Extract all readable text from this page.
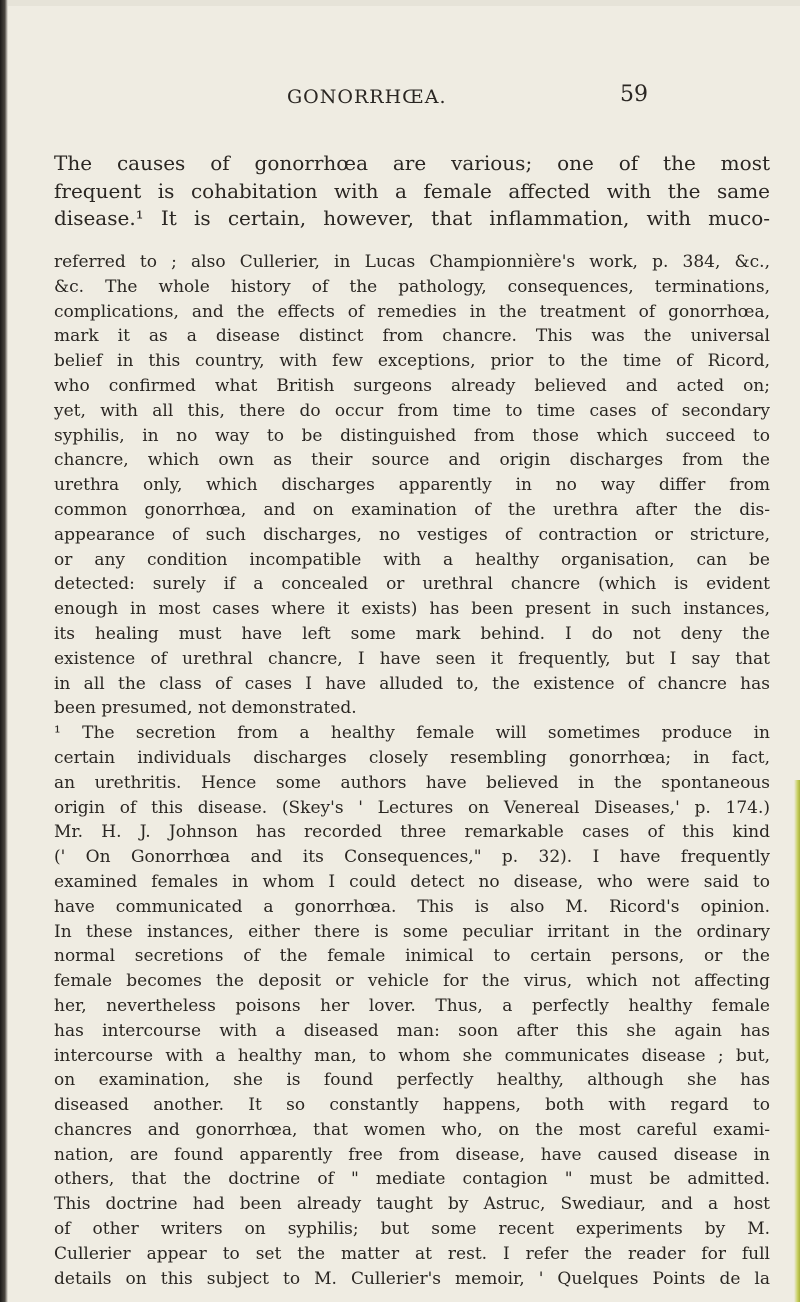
GONORRHŒA.	59
The causes of gonorrhœa are various; one of the most
frequent is cohabitation with a female affected with the same
disease.¹ It is certain, however, that inflammation, with muco-
referred to ; also Cullerier, in Lucas Championnière's work, p. 384, &c.,
&c. The whole history of the pathology, consequences, terminations,
complications, and the effects of remedies in the treatment of gonorrhœa,
mark it as a disease distinct from chancre. This was the universal
belief in this country, with few exceptions, prior to the time of Ricord,
who confirmed what British surgeons already believed and acted on;
yet, with all this, there do occur from time to time cases of secondary
syphilis, in no way to be distinguished from those which succeed to
chancre, which own as their source and origin discharges from the
urethra only, which discharges apparently in no way differ from
common gonorrhœa, and on examination of the urethra after the dis-
appearance of such discharges, no vestiges of contraction or stricture,
or any condition incompatible with a healthy organisation, can be
detected: surely if a concealed or urethral chancre (which is evident
enough in most cases where it exists) has been present in such instances,
its healing must have left some mark behind. I do not deny the
existence of urethral chancre, I have seen it frequently, but I say that
in all the class of cases I have alluded to, the existence of chancre has
been presumed, not demonstrated.
¹ The secretion from a healthy female will sometimes produce in
certain individuals discharges closely resembling gonorrhœa; in fact,
an urethritis. Hence some authors have believed in the spontaneous
origin of this disease. (Skey's ' Lectures on Venereal Diseases,' p. 174.)
Mr. H. J. Johnson has recorded three remarkable cases of this kind
(' On Gonorrhœa and its Consequences," p. 32). I have frequently
examined females in whom I could detect no disease, who were said to
have communicated a gonorrhœa. This is also M. Ricord's opinion.
In these instances, either there is some peculiar irritant in the ordinary
normal secretions of the female inimical to certain persons, or the
female becomes the deposit or vehicle for the virus, which not affecting
her, nevertheless poisons her lover. Thus, a perfectly healthy female
has intercourse with a diseased man: soon after this she again has
intercourse with a healthy man, to whom she communicates disease ; but,
on examination, she is found perfectly healthy, although she has
diseased another. It so constantly happens, both with regard to
chancres and gonorrhœa, that women who, on the most careful exami-
nation, are found apparently free from disease, have caused disease in
others, that the doctrine of " mediate contagion " must be admitted.
This doctrine had been already taught by Astruc, Swediaur, and a host
of other writers on syphilis; but some recent experiments by M.
Cullerier appear to set the matter at rest. I refer the reader for full
details on this subject to M. Cullerier's memoir, ' Quelques Points de la
